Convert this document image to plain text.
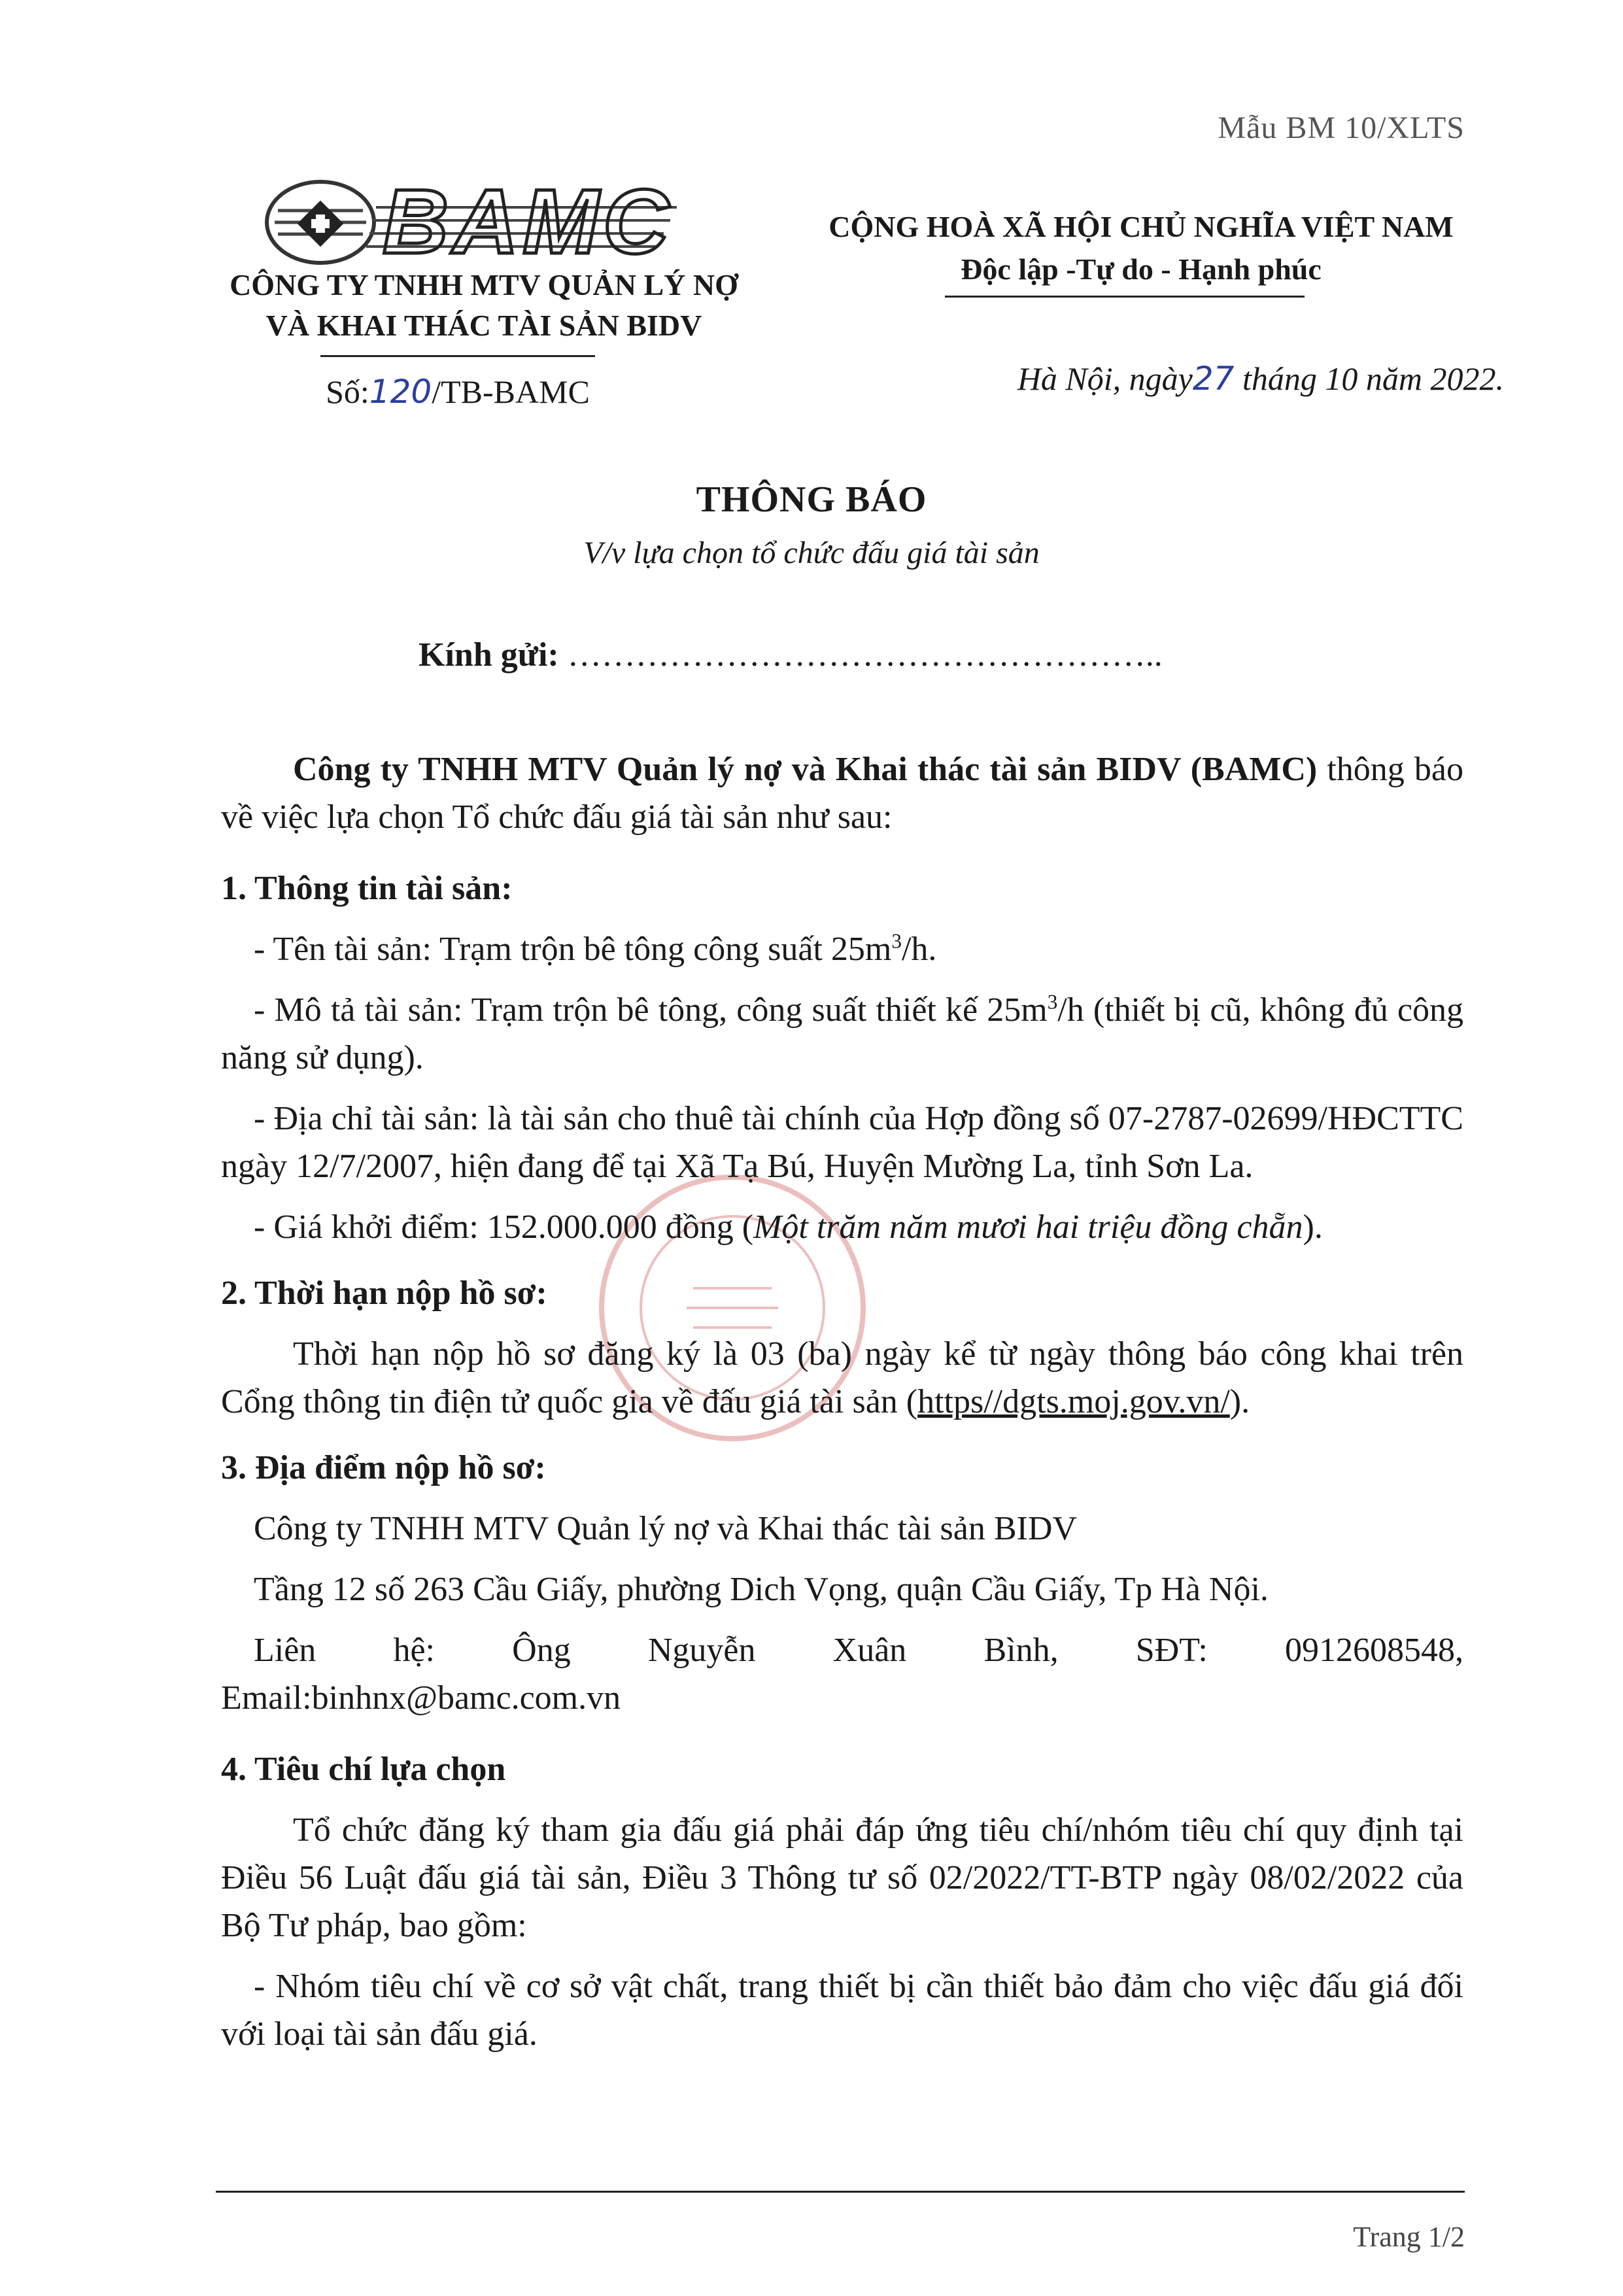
Mẫu BM 10/XLTS
BAMC
CÔNG TY TNHH MTV QUẢN LÝ NỢ
VÀ KHAI THÁC TÀI SẢN BIDV
Số:120/TB-BAMC
CỘNG HOÀ XÃ HỘI CHỦ NGHĨA VIỆT NAM
Độc lập -Tự do - Hạnh phúc
Hà Nội, ngày27 tháng 10 năm 2022.
THÔNG BÁO
V/v lựa chọn tổ chức đấu giá tài sản
Kính gửi: ……………………………………………..

Công ty TNHH MTV Quản lý nợ và Khai thác tài sản BIDV (BAMC) thông báo về việc lựa chọn Tổ chức đấu giá tài sản như sau:

1. Thông tin tài sản:

- Tên tài sản: Trạm trộn bê tông công suất $25m^3/h$.

- Mô tả tài sản: Trạm trộn bê tông, công suất thiết kế $25m^3/h$ (thiết bị cũ, không đủ công năng sử dụng).

- Địa chỉ tài sản: là tài sản cho thuê tài chính của Hợp đồng số 07-2787-02699/HĐCTTC ngày 12/7/2007, hiện đang để tại Xã Tạ Bú, Huyện Mường La, tỉnh Sơn La.

- Giá khởi điểm: 152.000.000 đồng (Một trăm năm mươi hai triệu đồng chẵn).

2. Thời hạn nộp hồ sơ:

Thời hạn nộp hồ sơ đăng ký là 03 (ba) ngày kể từ ngày thông báo công khai trên Cổng thông tin điện tử quốc gia về đấu giá tài sản (https//dgts.moj.gov.vn/).

3. Địa điểm nộp hồ sơ:

Công ty TNHH MTV Quản lý nợ và Khai thác tài sản BIDV

Tầng 12 số 263 Cầu Giấy, phường Dich Vọng, quận Cầu Giấy, Tp Hà Nội.

Liên hệ: Ông Nguyễn Xuân Bình, SĐT: 0912608548,

Email:binhnx@bamc.com.vn

4. Tiêu chí lựa chọn

Tổ chức đăng ký tham gia đấu giá phải đáp ứng tiêu chí/nhóm tiêu chí quy định tại Điều 56 Luật đấu giá tài sản, Điều 3 Thông tư số 02/2022/TT-BTP ngày 08/02/2022 của Bộ Tư pháp, bao gồm:

- Nhóm tiêu chí về cơ sở vật chất, trang thiết bị cần thiết bảo đảm cho việc đấu giá đối với loại tài sản đấu giá.

Trang 1/2
